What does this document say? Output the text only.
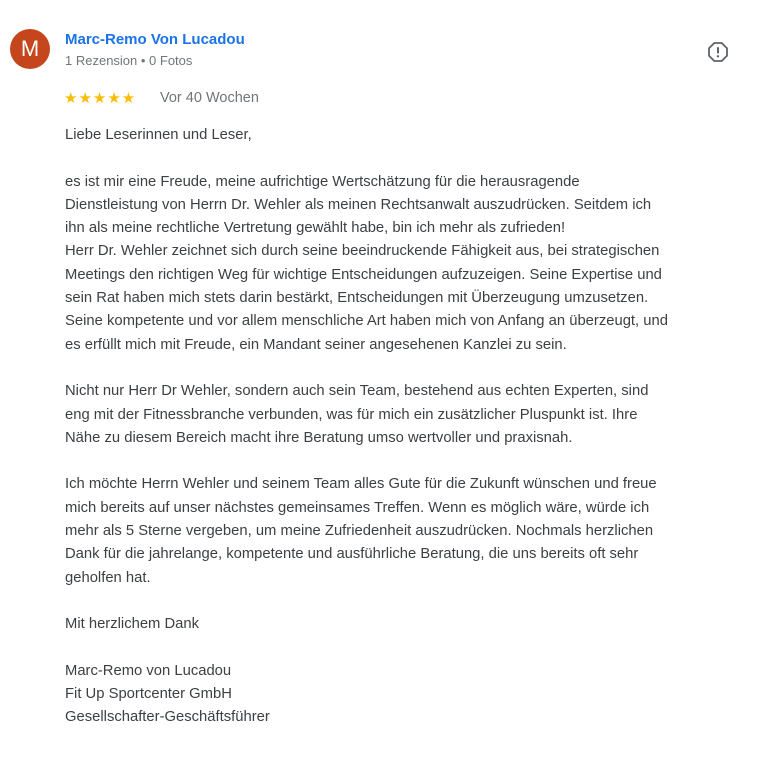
M	Marc-Remo Von Lucadou
1 Rezension • 0 Fotos
★★★★★ Vor 40 Wochen
Liebe Leserinnen und Leser,
es ist mir eine Freude, meine aufrichtige Wertschätzung für die herausragende
Dienstleistung von Herrn Dr. Wehler als meinen Rechtsanwalt auszudrücken. Seitdem ich
ihn als meine rechtliche Vertretung gewählt habe, bin ich mehr als zufrieden!
Herr Dr. Wehler zeichnet sich durch seine beeindruckende Fähigkeit aus, bei strategischen
Meetings den richtigen Weg für wichtige Entscheidungen aufzuzeigen. Seine Expertise und
sein Rat haben mich stets darin bestärkt, Entscheidungen mit Überzeugung umzusetzen.
Seine kompetente und vor allem menschliche Art haben mich von Anfang an überzeugt, und
es erfüllt mich mit Freude, ein Mandant seiner angesehenen Kanzlei zu sein.
Nicht nur Herr Dr Wehler, sondern auch sein Team, bestehend aus echten Experten, sind
eng mit der Fitnessbranche verbunden, was für mich ein zusätzlicher Pluspunkt ist. Ihre
Nähe zu diesem Bereich macht ihre Beratung umso wertvoller und praxisnah.
Ich möchte Herrn Wehler und seinem Team alles Gute für die Zukunft wünschen und freue
mich bereits auf unser nächstes gemeinsames Treffen. Wenn es möglich wäre, würde ich
mehr als 5 Sterne vergeben, um meine Zufriedenheit auszudrücken. Nochmals herzlichen
Dank für die jahrelange, kompetente und ausführliche Beratung, die uns bereits oft sehr
geholfen hat.
Mit herzlichem Dank
Marc-Remo von Lucadou
Fit Up Sportcenter GmbH
Gesellschafter-Geschäftsführer
